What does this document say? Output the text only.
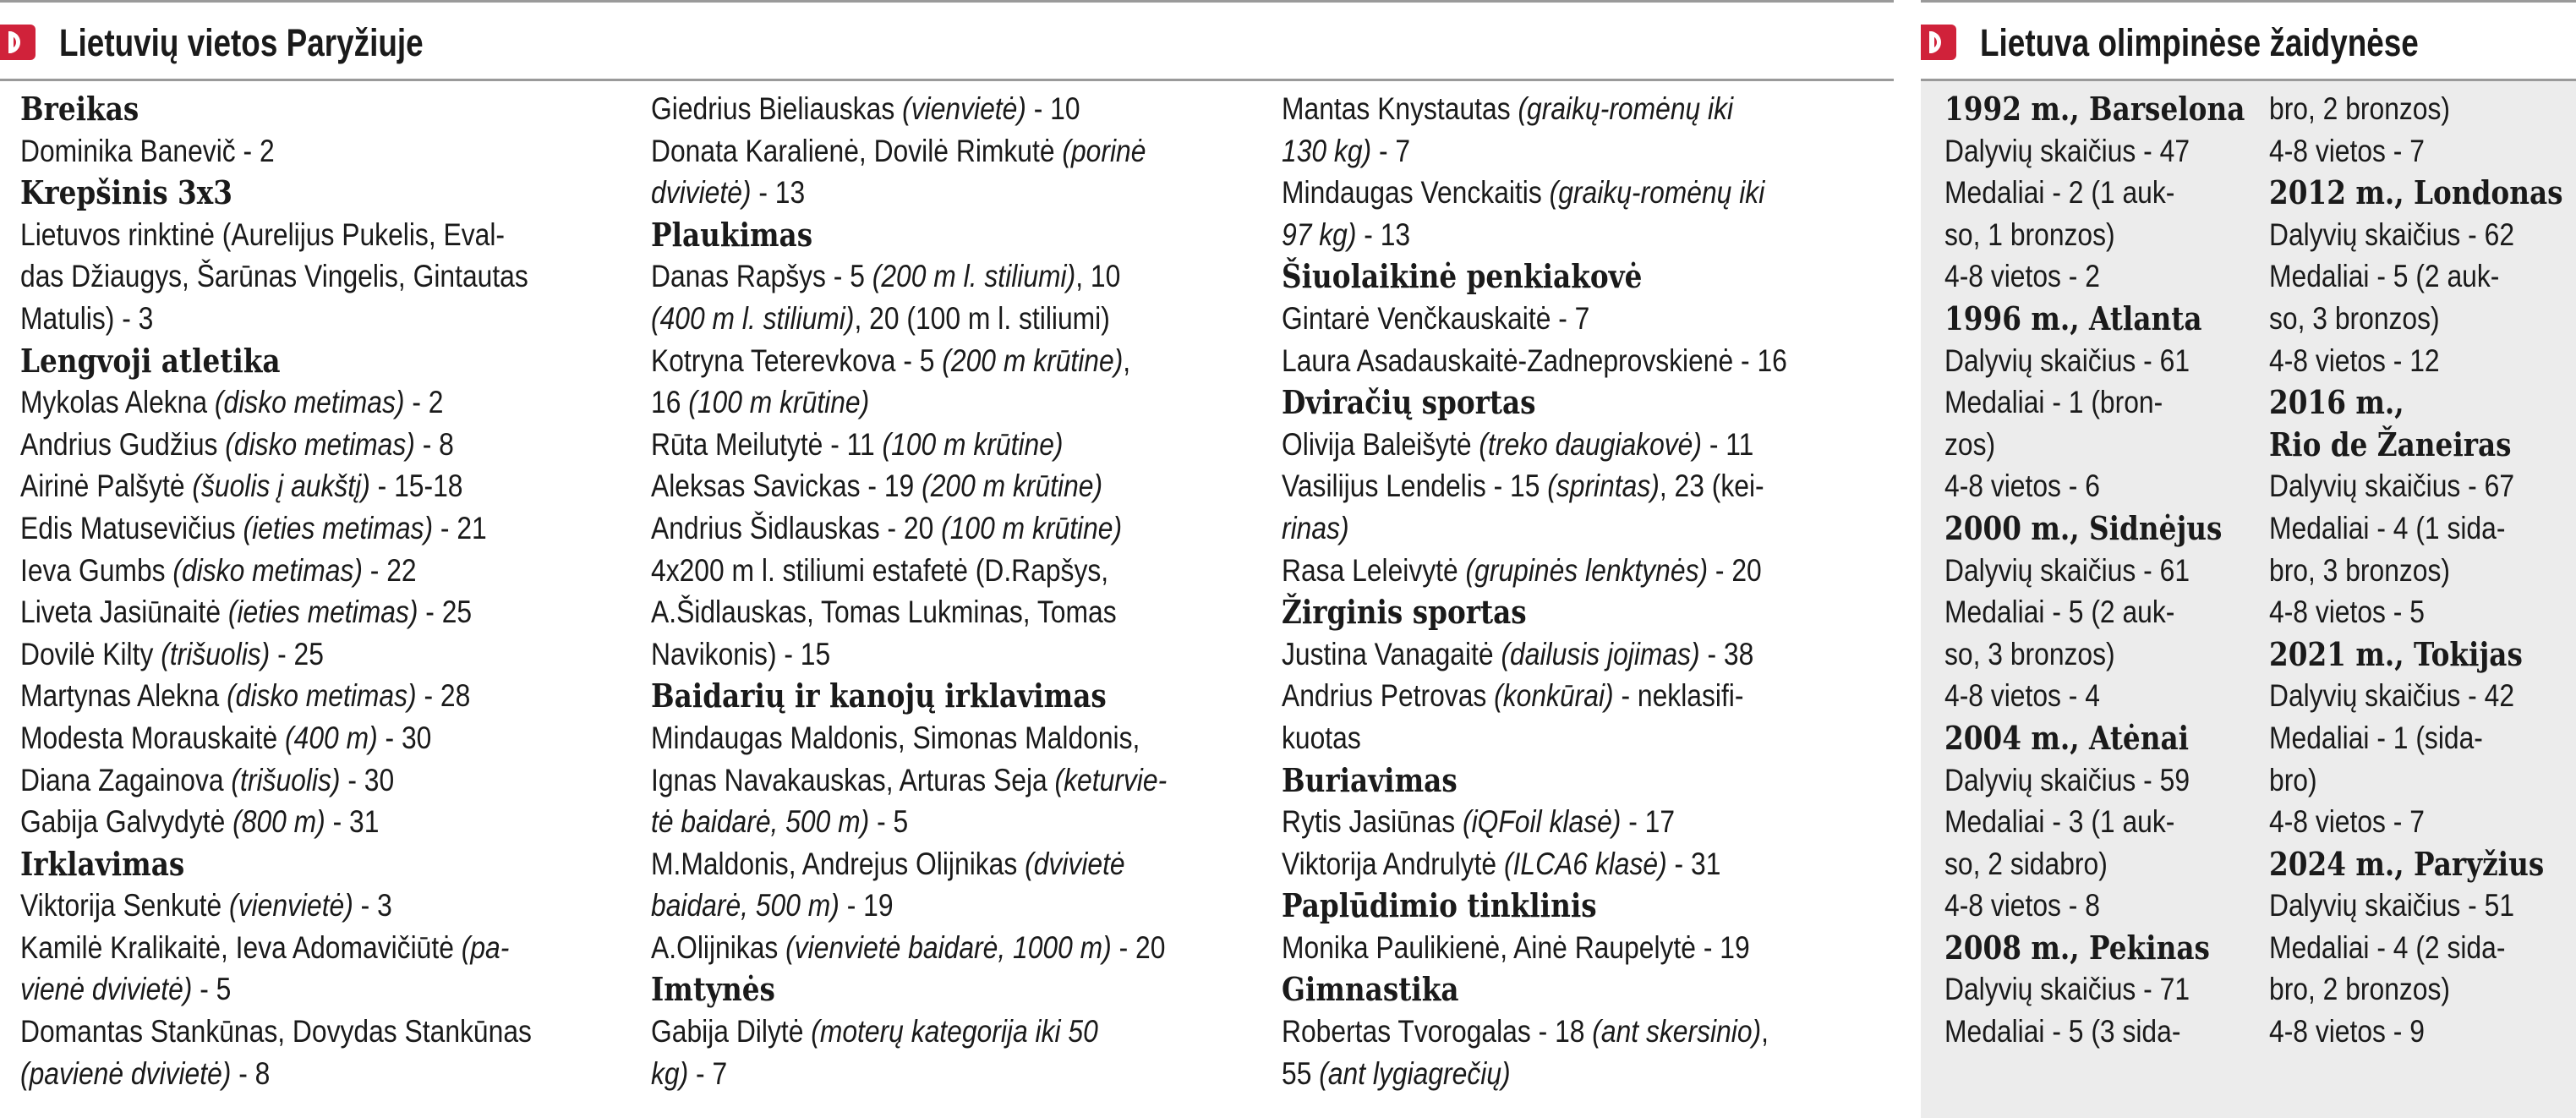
Lietuvių vietos Paryžiuje
Breikas
Dominika Banevič - 2
Krepšinis 3x3
Lietuvos rinktinė (Aurelijus Pukelis, Eval-
das Džiaugys, Šarūnas Vingelis, Gintautas
Matulis) - 3
Lengvoji atletika
Mykolas Alekna (disko metimas) - 2
Andrius Gudžius (disko metimas) - 8
Airinė Palšytė (šuolis į aukštį) - 15-18
Edis Matusevičius (ieties metimas) - 21
Ieva Gumbs (disko metimas) - 22
Liveta Jasiūnaitė (ieties metimas) - 25
Dovilė Kilty (trišuolis) - 25
Martynas Alekna (disko metimas) - 28
Modesta Morauskaitė (400 m) - 30
Diana Zagainova (trišuolis) - 30
Gabija Galvydytė (800 m) - 31
Irklavimas
Viktorija Senkutė (vienvietė) - 3
Kamilė Kralikaitė, Ieva Adomavičiūtė (pa-
vienė dvivietė) - 5
Domantas Stankūnas, Dovydas Stankūnas
(pavienė dvivietė) - 8
Giedrius Bieliauskas (vienvietė) - 10
Donata Karalienė, Dovilė Rimkutė (porinė
dvivietė) - 13
Plaukimas
Danas Rapšys - 5 (200 m l. stiliumi), 10
(400 m l. stiliumi), 20 (100 m l. stiliumi)
Kotryna Teterevkova - 5 (200 m krūtine),
16 (100 m krūtine)
Rūta Meilutytė - 11 (100 m krūtine)
Aleksas Savickas - 19 (200 m krūtine)
Andrius Šidlauskas - 20 (100 m krūtine)
4x200 m l. stiliumi estafetė (D.Rapšys,
A.Šidlauskas, Tomas Lukminas, Tomas
Navikonis) - 15
Baidarių ir kanojų irklavimas
Mindaugas Maldonis, Simonas Maldonis,
Ignas Navakauskas, Arturas Seja (keturvie-
tė baidarė, 500 m) - 5
M.Maldonis, Andrejus Olijnikas (dvivietė
baidarė, 500 m) - 19
A.Olijnikas (vienvietė baidarė, 1000 m) - 20
Imtynės
Gabija Dilytė (moterų kategorija iki 50
kg) - 7
Mantas Knystautas (graikų-romėnų iki
130 kg) - 7
Mindaugas Venckaitis (graikų-romėnų iki
97 kg) - 13
Šiuolaikinė penkiakovė
Gintarė Venčkauskaitė - 7
Laura Asadauskaitė-Zadneprovskienė - 16
Dviračių sportas
Olivija Baleišytė (treko daugiakovė) - 11
Vasilijus Lendelis - 15 (sprintas), 23 (kei-
rinas)
Rasa Leleivytė (grupinės lenktynės) - 20
Žirginis sportas
Justina Vanagaitė (dailusis jojimas) - 38
Andrius Petrovas (konkūrai) - neklasifi-
kuotas
Buriavimas
Rytis Jasiūnas (iQFoil klasė) - 17
Viktorija Andrulytė (ILCA6 klasė) - 31
Paplūdimio tinklinis
Monika Paulikienė, Ainė Raupelytė - 19
Gimnastika
Robertas Tvorogalas - 18 (ant skersinio),
55 (ant lygiagrečių)
Lietuva olimpinėse žaidynėse
1992 m., Barselona
Dalyvių skaičius - 47
Medaliai - 2 (1 auk-
so, 1 bronzos)
4-8 vietos - 2
1996 m., Atlanta
Dalyvių skaičius - 61
Medaliai - 1 (bron-
zos)
4-8 vietos - 6
2000 m., Sidnėjus
Dalyvių skaičius - 61
Medaliai - 5 (2 auk-
so, 3 bronzos)
4-8 vietos - 4
2004 m., Atėnai
Dalyvių skaičius - 59
Medaliai - 3 (1 auk-
so, 2 sidabro)
4-8 vietos - 8
2008 m., Pekinas
Dalyvių skaičius - 71
Medaliai - 5 (3 sida-
bro, 2 bronzos)
4-8 vietos - 7
2012 m., Londonas
Dalyvių skaičius - 62
Medaliai - 5 (2 auk-
so, 3 bronzos)
4-8 vietos - 12
2016 m.,
Rio de Žaneiras
Dalyvių skaičius - 67
Medaliai - 4 (1 sida-
bro, 3 bronzos)
4-8 vietos - 5
2021 m., Tokijas
Dalyvių skaičius - 42
Medaliai - 1 (sida-
bro)
4-8 vietos - 7
2024 m., Paryžius
Dalyvių skaičius - 51
Medaliai - 4 (2 sida-
bro, 2 bronzos)
4-8 vietos - 9
